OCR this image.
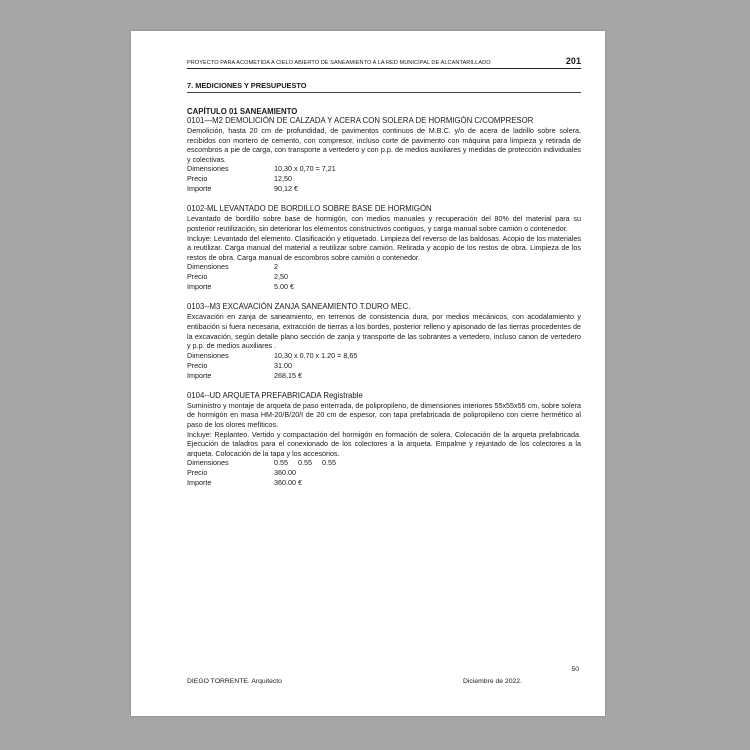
PROYECTO PARA ACOMETIDA A CIELO ABIERTO DE SANEAMIENTO A LA RED MUNICIPAL DE ALCANTARILLADO	201
7. MEDICIONES Y PRESUPUESTO
CAPÍTULO 01 SANEAMIENTO
0101—M2 DEMOLICIÓN DE CALZADA Y ACERA CON SOLERA DE HORMIGÓN C/COMPRESOR
Demolición, hasta 20 cm de profundidad, de pavimentos continuos de M.B.C. y/o de acera de ladrillo sobre solera, recibidos con mortero de cemento, con compresor, incluso corte de pavimento con máquina para limpieza y retirada de escombros a pie de carga, con transporte a vertedero y con p.p. de medios auxiliares y medidas de protección individuales y colectivas.
Dimensiones	10,30 x 0,70 = 7,21
Precio	12,50
Importe	90,12 €
0102-ML LEVANTADO DE BORDILLO SOBRE BASE DE HORMIGÓN
Levantado de bordillo sobre base de hormigón, con medios manuales y recuperación del 80% del material para su posterior reutilización, sin deteriorar los elementos constructivos contiguos, y carga manual sobre camión o contenedor.
Incluye: Levantado del elemento. Clasificación y etiquetado. Limpieza del reverso de las baldosas. Acopio de los materiales a reutilizar. Carga manual del material a reutilizar sobre camión. Retirada y acopio de los restos de obra. Limpieza de los restos de obra. Carga manual de escombros sobre camión o contenedor.
Dimensiones	2
Precio	2,50
Importe	5.00 €
0103--M3 EXCAVACIÓN ZANJA SANEAMIENTO T.DURO MEC.
Excavación en zanja de saneamiento, en terrenos de consistencia dura, por medios mecánicos, con acodalamiento y entibación si fuera necesaria, extracción de tierras a los bordes, posterior relleno y apisonado de las tierras procedentes de la excavación, según detalle plano sección de zanja y transporte de las sobrantes a vertedero, incluso canon de vertedero y p.p. de medios auxiliares .
Dimensiones	10,30 x 0.70 x 1.20 = 8,65
Precio	31.00
Importe	268,15 €
0104--UD ARQUETA PREFABRICADA Registrable
Suministro y montaje de arqueta de paso enterrada, de polipropileno, de dimensiones interiores 55x55x55 cm, sobre solera de hormigón en masa HM-20/B/20/I de 20 cm de espesor, con tapa prefabricada de polipropileno con cierre hermético al paso de los olores mefíticos.
Incluye: Replanteo. Vertido y compactación del hormigón en formación de solera. Colocación de la arqueta prefabricada. Ejecución de taladros para el conexionado de los colectores a la arqueta. Empalme y rejuntado de los colectores a la arqueta. Colocación de la tapa y los accesorios.
Dimensiones	0.55     0.55     0.55
Precio	360.00
Importe	360.00 €
50
DIEGO TORRENTE. Arquitecto	Diciembre de 2022.
